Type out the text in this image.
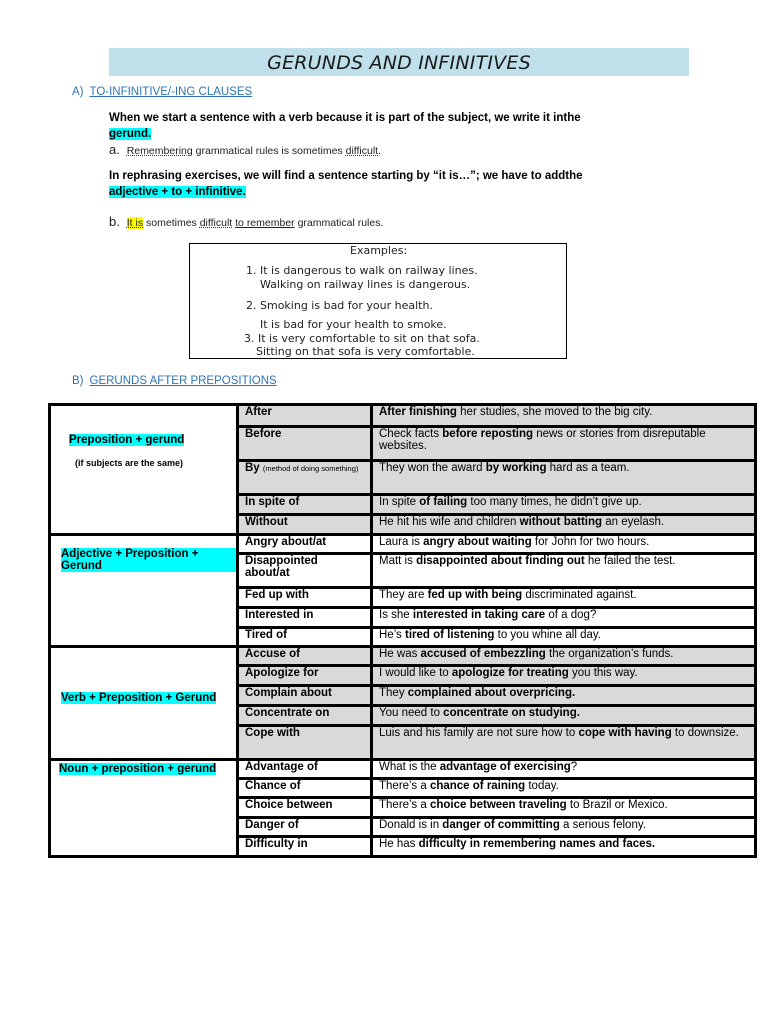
GERUNDS AND INFINITIVES
A) TO-INFINITIVE/-ING CLAUSES
When we start a sentence with a verb because it is part of the subject, we write it inthe
gerund.
a. Remembering grammatical rules is sometimes difficult.
In rephrasing exercises, we will find a sentence starting by “it is…”; we have to addthe
adjective + to + infinitive.
b. It is sometimes difficult to remember grammatical rules.
Examples:
1. It is dangerous to walk on railway lines.
Walking on railway lines is dangerous.
2. Smoking is bad for your health.
It is bad for your health to smoke.
3. It is very comfortable to sit on that sofa.
Sitting on that sofa is very comfortable.
B) GERUNDS AFTER PREPOSITIONS
Preposition + gerund
(if subjects are the same)	After	After finishing her studies, she moved to the big city.
	Before	Check facts before reposting news or stories from disreputable websites.
	By (method of doing something)	They won the award by working hard as a team.
	In spite of	In spite of failing too many times, he didn’t give up.
	Without	He hit his wife and children without batting an eyelash.

Adjective + Preposition + Gerund	Angry about/at	Laura is angry about waiting for John for two hours.
	Disappointed about/at	Matt is disappointed about finding out he failed the test.
	Fed up with	They are fed up with being discriminated against.
	Interested in	Is she interested in taking care of a dog?
	Tired of	He’s tired of listening to you whine all day.

Verb + Preposition + Gerund	Accuse of	He was accused of embezzling the organization’s funds.
	Apologize for	I would like to apologize for treating you this way.
	Complain about	They complained about overpricing.
	Concentrate on	You need to concentrate on studying.
	Cope with	Luis and his family are not sure how to cope with having to downsize.

Noun + preposition + gerund	Advantage of	What is the advantage of exercising?
	Chance of	There’s a chance of raining today.
	Choice between	There’s a choice between traveling to Brazil or Mexico.
	Danger of	Donald is in danger of committing a serious felony.
	Difficulty in	He has difficulty in remembering names and faces.
